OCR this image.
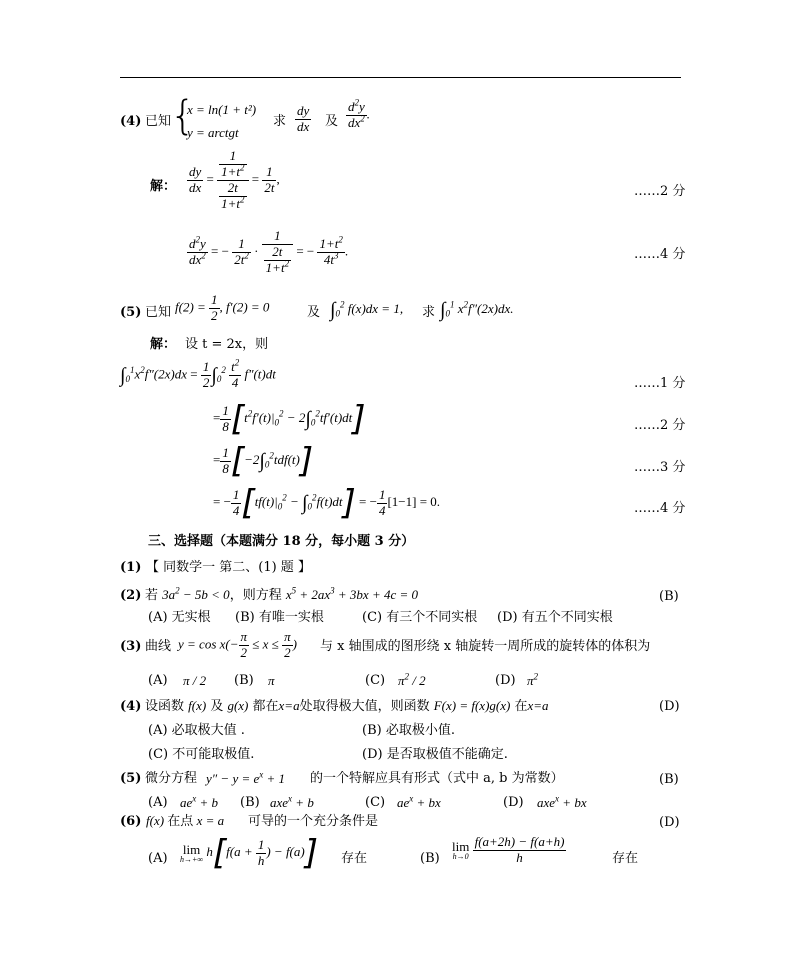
(4) 已知
{
x = ln(1 + t²)
y = arctgt
求 $\frac{dy}{dx}$ 及 $\frac{d^2y}{dx^2}$ .
解： $\frac{dy}{dx} = \frac{\frac{1}{1+t^2}}{\frac{2t}{1+t^2}} = \frac{1}{2t}$ ,
……2 分
$\frac{d^2y}{dx^2}$ = − $\frac{1}{2t^2} \cdot \frac{1}{\frac{2t}{1+t^2}}$ = − $\frac{1+t^2}{4t^3}$ .	……4 分
(5) 已知 $f(2) = \frac{1}{2}$ , f′(2) = 0	及 $\int_0^2$ f(x)dx = 1, 求 $\int_0^1$ $x^2f''(2x)dx$.
解： 设 t = 2x，则
$\int_0^1x^2f''(2x)dx = \frac{1}{2} \int_0^2 \frac{t^2}{4} f''(t)dt$
……1 分
= $\frac{1}{8} [t^2f'(t)|_0^2 - 2\int_0^2tf'(t)dt]$	……2 分
= $\frac{1}{8} [-2\int_0^2tdf(t)]$	……3 分
= − $\frac{1}{4} [tf(t)|_0^2 - \int_0^2f(t)dt]$ = − $\frac{1}{4} [1-1] = 0$.	……4 分
三、选择题（本题满分 18 分，每小题 3 分）
(1) 【 同数学一 第二、(1) 题 】
(2) 若 $3a^2 - 5b < 0$，则方程 $x^5 + 2ax^3 + 3bx + 4c = 0$	(B)
(A) 无实根 (B) 有唯一实根	(C) 有三个不同实根 (D) 有五个不同实根
(3) 曲线 $y = \cos x(- \frac{\pi}{2} \le x \le \frac{\pi}{2}$ ) 与 x 轴围成的图形绕 x 轴旋转一周所成的旋转体的体积为
(A) π / 2 (B) π	(C) $\pi^2 / 2$	(D) $\pi^2$
(4) 设函数 f(x) 及 g(x) 都在x=a处取得极大值，则函数 F(x) = f(x)g(x) 在x=a	(D)
(A) 必取极大值 .	(B) 必取极小值.
(C) 不可能取极值.	(D) 是否取极值不能确定.
(5) 微分方程 $y'' - y = e^x + 1$ 的一个特解应具有形式（式中 a, b 为常数）	(B)
(A) $ae^x + b$ (B) axe$^x$ + b	(C) $ae^x$ + bx	(D) axe$^x$ + bx
(6) f(x) 在点 x = a 可导的一个充分条件是	(D)
(A)
lim
h→+∞
$h[f(a + \frac{1}{h}$ ) − f(a)] 存在	(B)
lim
h→0
$\frac{f(a+2h) - f(a+h)}{h}$	存在
